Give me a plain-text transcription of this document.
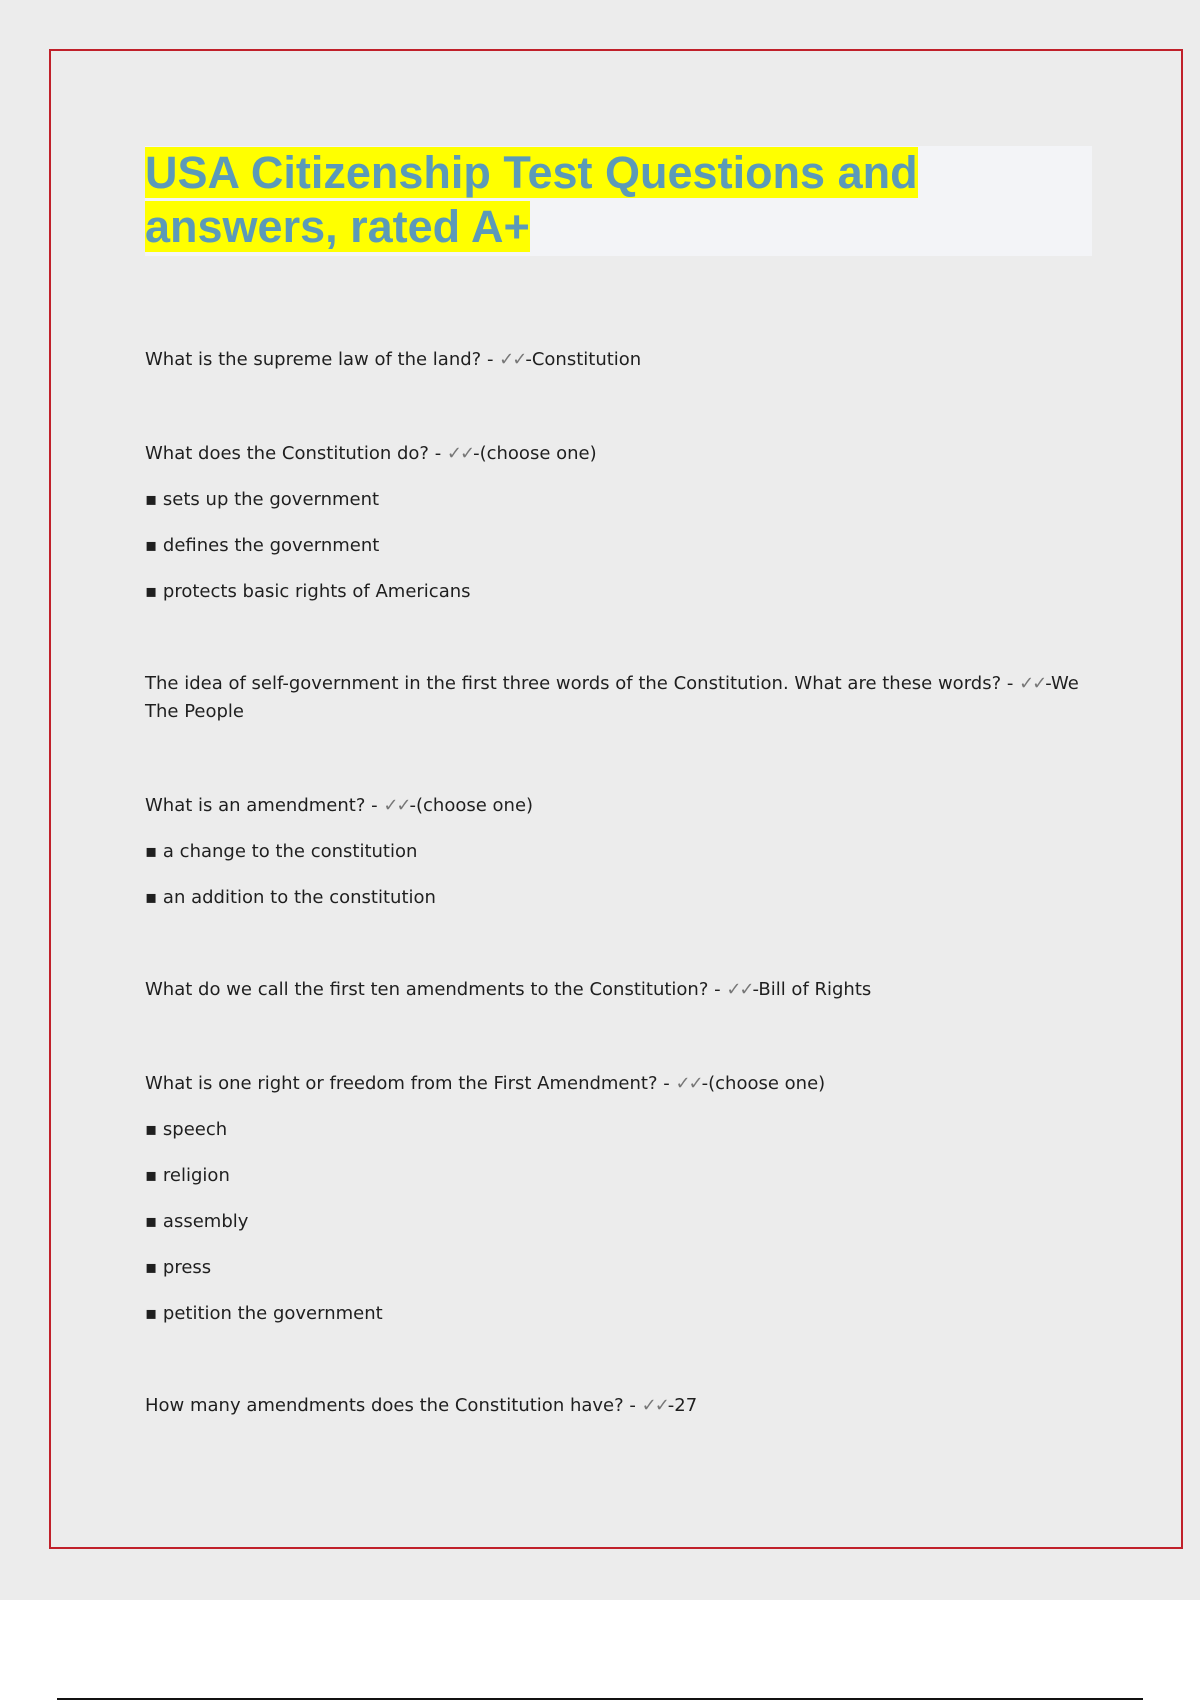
USA Citizenship Test Questions and
answers, rated A+

What is the supreme law of the land? - ✓✓-Constitution

What does the Constitution do? - ✓✓-(choose one)

▪ sets up the government

▪ defines the government

▪ protects basic rights of Americans

The idea of self-government in the first three words of the Constitution. What are these words? - ✓✓-We The People

What is an amendment? - ✓✓-(choose one)

▪ a change to the constitution

▪ an addition to the constitution

What do we call the first ten amendments to the Constitution? - ✓✓-Bill of Rights

What is one right or freedom from the First Amendment? - ✓✓-(choose one)

▪ speech

▪ religion

▪ assembly

▪ press

▪ petition the government

How many amendments does the Constitution have? - ✓✓-27
